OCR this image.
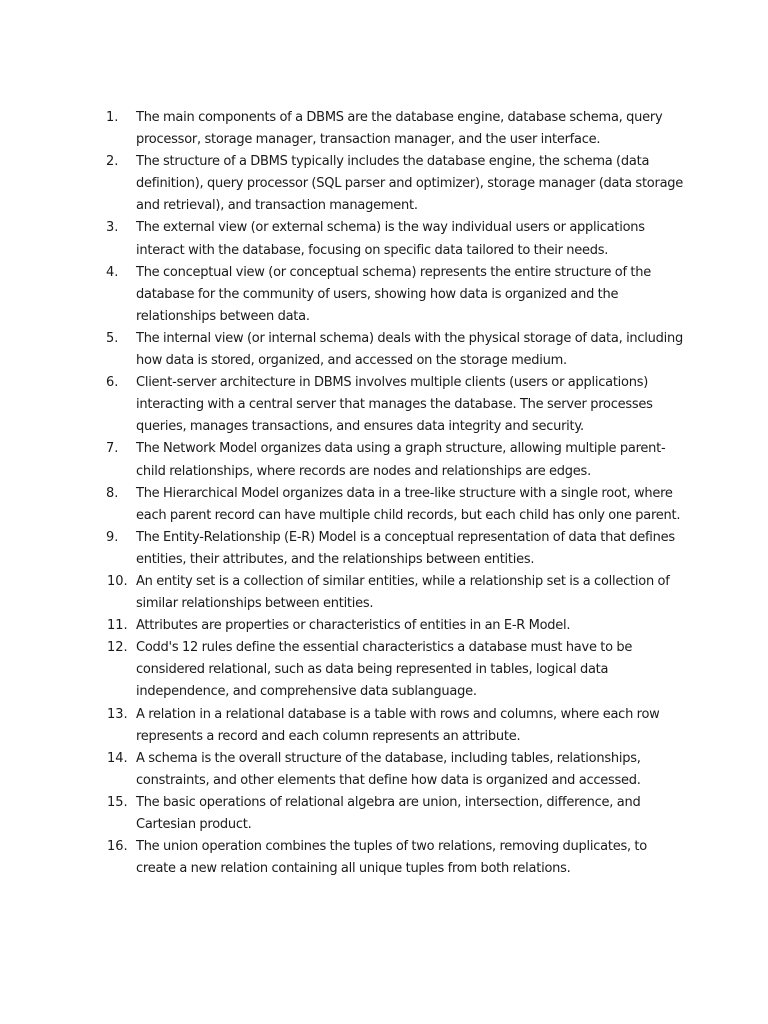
1.	The main components of a DBMS are the database engine, database schema, query processor, storage manager, transaction manager, and the user interface.
2.	The structure of a DBMS typically includes the database engine, the schema (data definition), query processor (SQL parser and optimizer), storage manager (data storage and retrieval), and transaction management.
3.	The external view (or external schema) is the way individual users or applications interact with the database, focusing on specific data tailored to their needs.
4.	The conceptual view (or conceptual schema) represents the entire structure of the database for the community of users, showing how data is organized and the relationships between data.
5.	The internal view (or internal schema) deals with the physical storage of data, including how data is stored, organized, and accessed on the storage medium.
6.	Client-server architecture in DBMS involves multiple clients (users or applications) interacting with a central server that manages the database. The server processes queries, manages transactions, and ensures data integrity and security.
7.	The Network Model organizes data using a graph structure, allowing multiple parent-child relationships, where records are nodes and relationships are edges.
8.	The Hierarchical Model organizes data in a tree-like structure with a single root, where each parent record can have multiple child records, but each child has only one parent.
9.	The Entity-Relationship (E-R) Model is a conceptual representation of data that defines entities, their attributes, and the relationships between entities.
10. An entity set is a collection of similar entities, while a relationship set is a collection of similar relationships between entities.
11. Attributes are properties or characteristics of entities in an E-R Model.
12. Codd's 12 rules define the essential characteristics a database must have to be considered relational, such as data being represented in tables, logical data independence, and comprehensive data sublanguage.
13. A relation in a relational database is a table with rows and columns, where each row represents a record and each column represents an attribute.
14. A schema is the overall structure of the database, including tables, relationships, constraints, and other elements that define how data is organized and accessed.
15. The basic operations of relational algebra are union, intersection, difference, and Cartesian product.
16. The union operation combines the tuples of two relations, removing duplicates, to create a new relation containing all unique tuples from both relations.
